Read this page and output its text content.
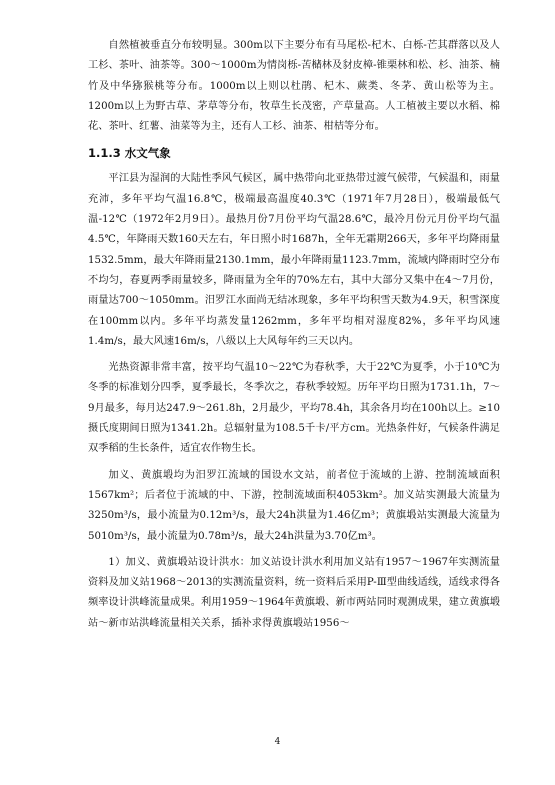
自然植被垂直分布较明显。300m以下主要分布有马尾松-杞木、白栎-芒其群落以及人工杉、茶叶、油茶等。300～1000m为情岗栎-苦槠林及豺皮樟-锥栗林和松、杉、油茶、楠竹及中华猕猴桃等分布。1000m以上则以杜鹃、杞木、蕨类、冬茅、黄山松等为主。1200m以上为野古草、茅草等分布，牧草生长茂密，产草量高。人工植被主要以水稻、棉花、茶叶、红薯、油菜等为主，还有人工杉、油茶、柑桔等分布。

1.1.3 水文气象

平江县为湿润的大陆性季风气候区，属中热带向北亚热带过渡气候带，气候温和，雨量充沛，多年平均气温16.8℃，极端最高温度40.3℃（1971年7月28日），极端最低气温-12℃（1972年2月9日）。最热月份7月份平均气温28.6℃，最冷月份元月份平均气温4.5℃，年降雨天数160天左右，年日照小时1687h，全年无霜期266天，多年平均降雨量1532.5mm，最大年降雨量2130.1mm，最小年降雨量1123.7mm，流域内降雨时空分布不均匀，春夏两季雨量较多，降雨量为全年的70%左右，其中大部分又集中在4～7月份，雨量达700～1050mm。汨罗江水面尚无结冰现象，多年平均积雪天数为4.9天，积雪深度在100mm以内。多年平均蒸发量1262mm，多年平均相对湿度82%，多年平均风速1.4m/s，最大风速16m/s，八级以上大风每年约三天以内。

光热资源非常丰富，按平均气温10～22℃为春秋季，大于22℃为夏季，小于10℃为冬季的标准划分四季，夏季最长，冬季次之，春秋季较短。历年平均日照为1731.1h，7～9月最多，每月达247.9～261.8h，2月最少，平均78.4h，其余各月均在100h以上。≥10摄氏度期间日照为1341.2h。总辐射量为108.5千卡/平方cm。光热条件好，气候条件满足双季稻的生长条件，适宜农作物生长。

加义、黄旗塅均为汨罗江流域的国设水文站，前者位于流域的上游、控制流域面积1567km²；后者位于流域的中、下游，控制流域面积4053km²。加义站实测最大流量为3250m³/s，最小流量为0.12m³/s，最大24h洪量为1.46亿m³；黄旗塅站实测最大流量为5010m³/s，最小流量为0.78m³/s，最大24h洪量为3.70亿m³。

1）加义、黄旗塅站设计洪水：加义站设计洪水利用加义站有1957～1967年实测流量资料及加义站1968～2013的实测流量资料，统一资料后采用P-Ⅲ型曲线适线，适线求得各频率设计洪峰流量成果。利用1959～1964年黄旗塅、新市两站同时观测成果，建立黄旗塅站～新市站洪峰流量相关关系，插补求得黄旗塅站1956～

4
